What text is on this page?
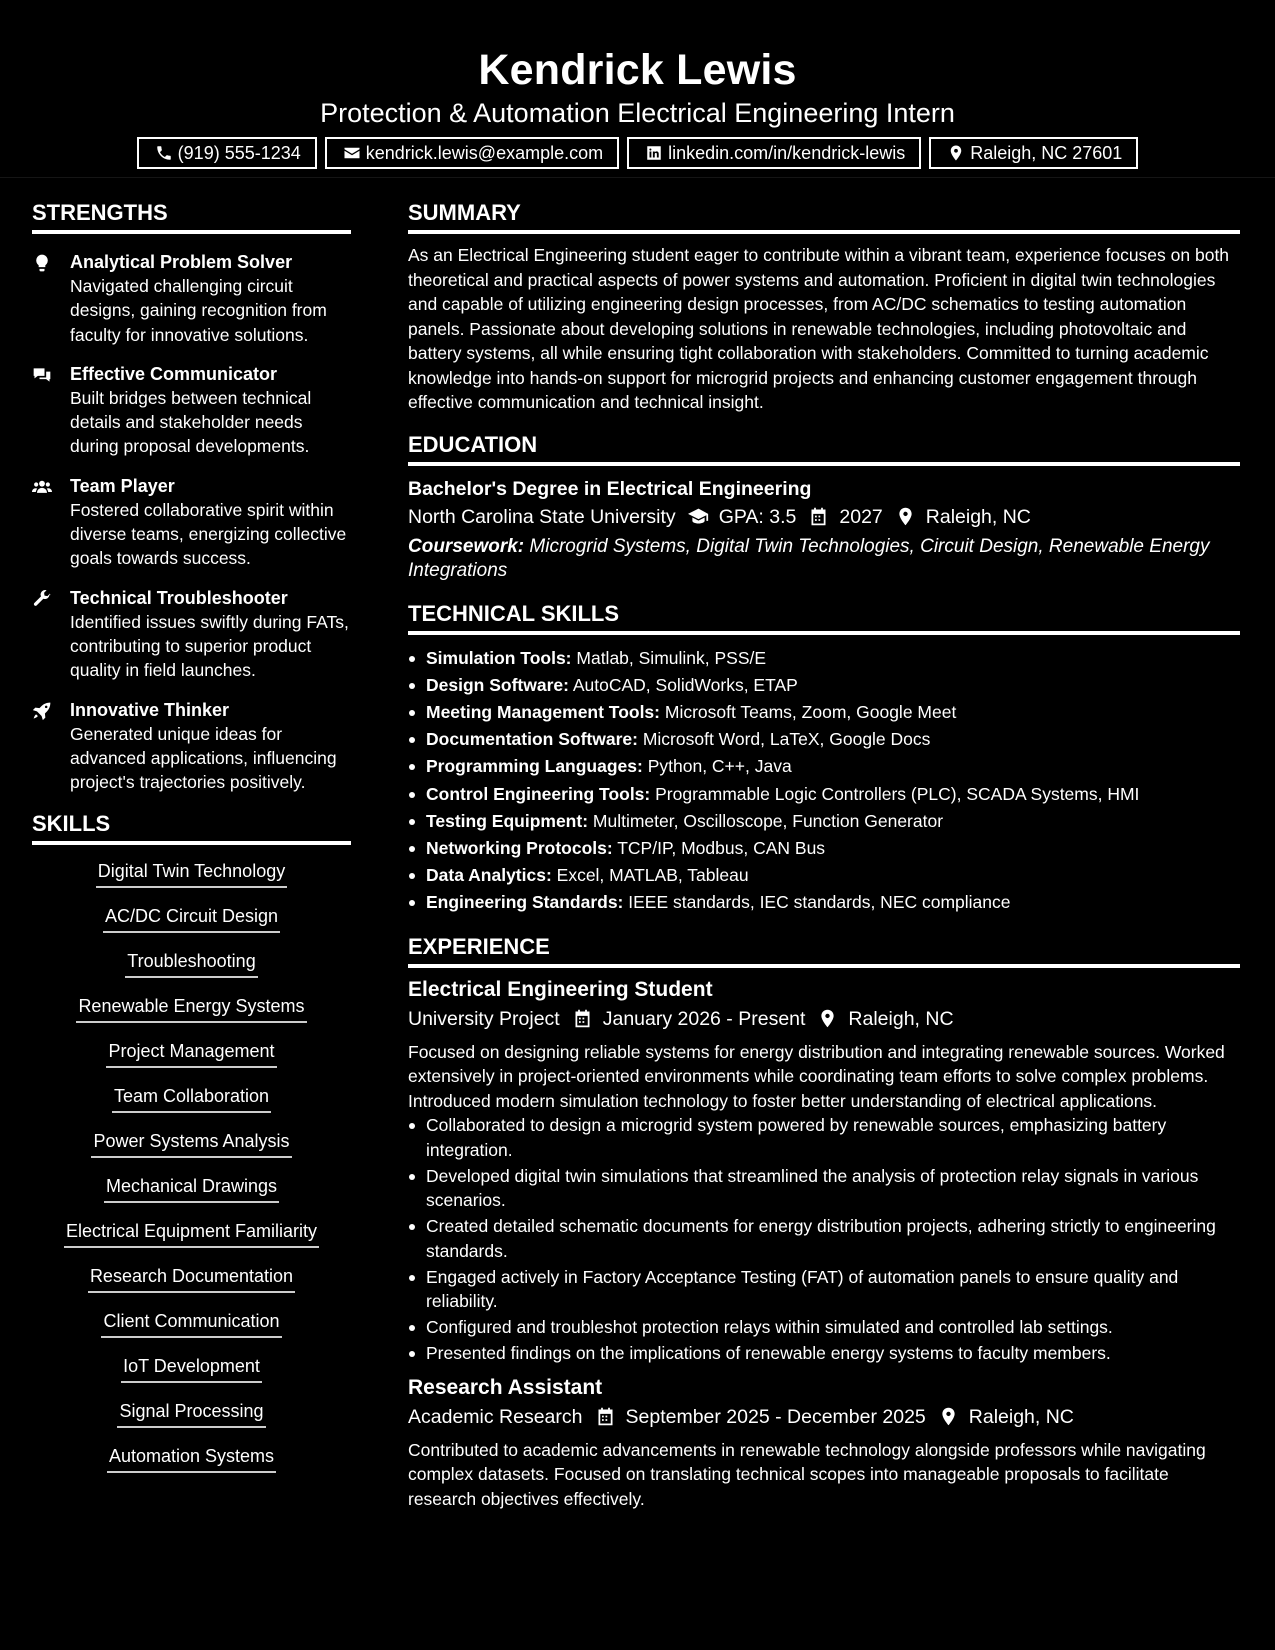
Kendrick Lewis
Protection & Automation Electrical Engineering Intern
(919) 555-1234	kendrick.lewis@example.com	linkedin.com/in/kendrick-lewis	Raleigh, NC 27601
STRENGTHS
Analytical Problem Solver
Navigated challenging circuit designs, gaining recognition from faculty for innovative solutions.
Effective Communicator
Built bridges between technical details and stakeholder needs during proposal developments.
Team Player
Fostered collaborative spirit within diverse teams, energizing collective goals towards success.
Technical Troubleshooter
Identified issues swiftly during FATs, contributing to superior product quality in field launches.
Innovative Thinker
Generated unique ideas for advanced applications, influencing project's trajectories positively.
SKILLS
Digital Twin Technology
AC/DC Circuit Design
Troubleshooting
Renewable Energy Systems
Project Management
Team Collaboration
Power Systems Analysis
Mechanical Drawings
Electrical Equipment Familiarity
Research Documentation
Client Communication
IoT Development
Signal Processing
Automation Systems
SUMMARY
As an Electrical Engineering student eager to contribute within a vibrant team, experience focuses on both theoretical and practical aspects of power systems and automation. Proficient in digital twin technologies and capable of utilizing engineering design processes, from AC/DC schematics to testing automation panels. Passionate about developing solutions in renewable technologies, including photovoltaic and battery systems, all while ensuring tight collaboration with stakeholders. Committed to turning academic knowledge into hands-on support for microgrid projects and enhancing customer engagement through effective communication and technical insight.
EDUCATION
Bachelor's Degree in Electrical Engineering
North Carolina State University GPA: 3.5 2027 Raleigh, NC
Coursework: Microgrid Systems, Digital Twin Technologies, Circuit Design, Renewable Energy Integrations
TECHNICAL SKILLS
Simulation Tools: Matlab, Simulink, PSS/E
Design Software: AutoCAD, SolidWorks, ETAP
Meeting Management Tools: Microsoft Teams, Zoom, Google Meet
Documentation Software: Microsoft Word, LaTeX, Google Docs
Programming Languages: Python, C++, Java
Control Engineering Tools: Programmable Logic Controllers (PLC), SCADA Systems, HMI
Testing Equipment: Multimeter, Oscilloscope, Function Generator
Networking Protocols: TCP/IP, Modbus, CAN Bus
Data Analytics: Excel, MATLAB, Tableau
Engineering Standards: IEEE standards, IEC standards, NEC compliance
EXPERIENCE
Electrical Engineering Student
University Project January 2026 - Present Raleigh, NC
Focused on designing reliable systems for energy distribution and integrating renewable sources. Worked extensively in project-oriented environments while coordinating team efforts to solve complex problems. Introduced modern simulation technology to foster better understanding of electrical applications.
Collaborated to design a microgrid system powered by renewable sources, emphasizing battery integration.
Developed digital twin simulations that streamlined the analysis of protection relay signals in various scenarios.
Created detailed schematic documents for energy distribution projects, adhering strictly to engineering standards.
Engaged actively in Factory Acceptance Testing (FAT) of automation panels to ensure quality and reliability.
Configured and troubleshot protection relays within simulated and controlled lab settings.
Presented findings on the implications of renewable energy systems to faculty members.
Research Assistant
Academic Research September 2025 - December 2025 Raleigh, NC
Contributed to academic advancements in renewable technology alongside professors while navigating complex datasets. Focused on translating technical scopes into manageable proposals to facilitate research objectives effectively.
